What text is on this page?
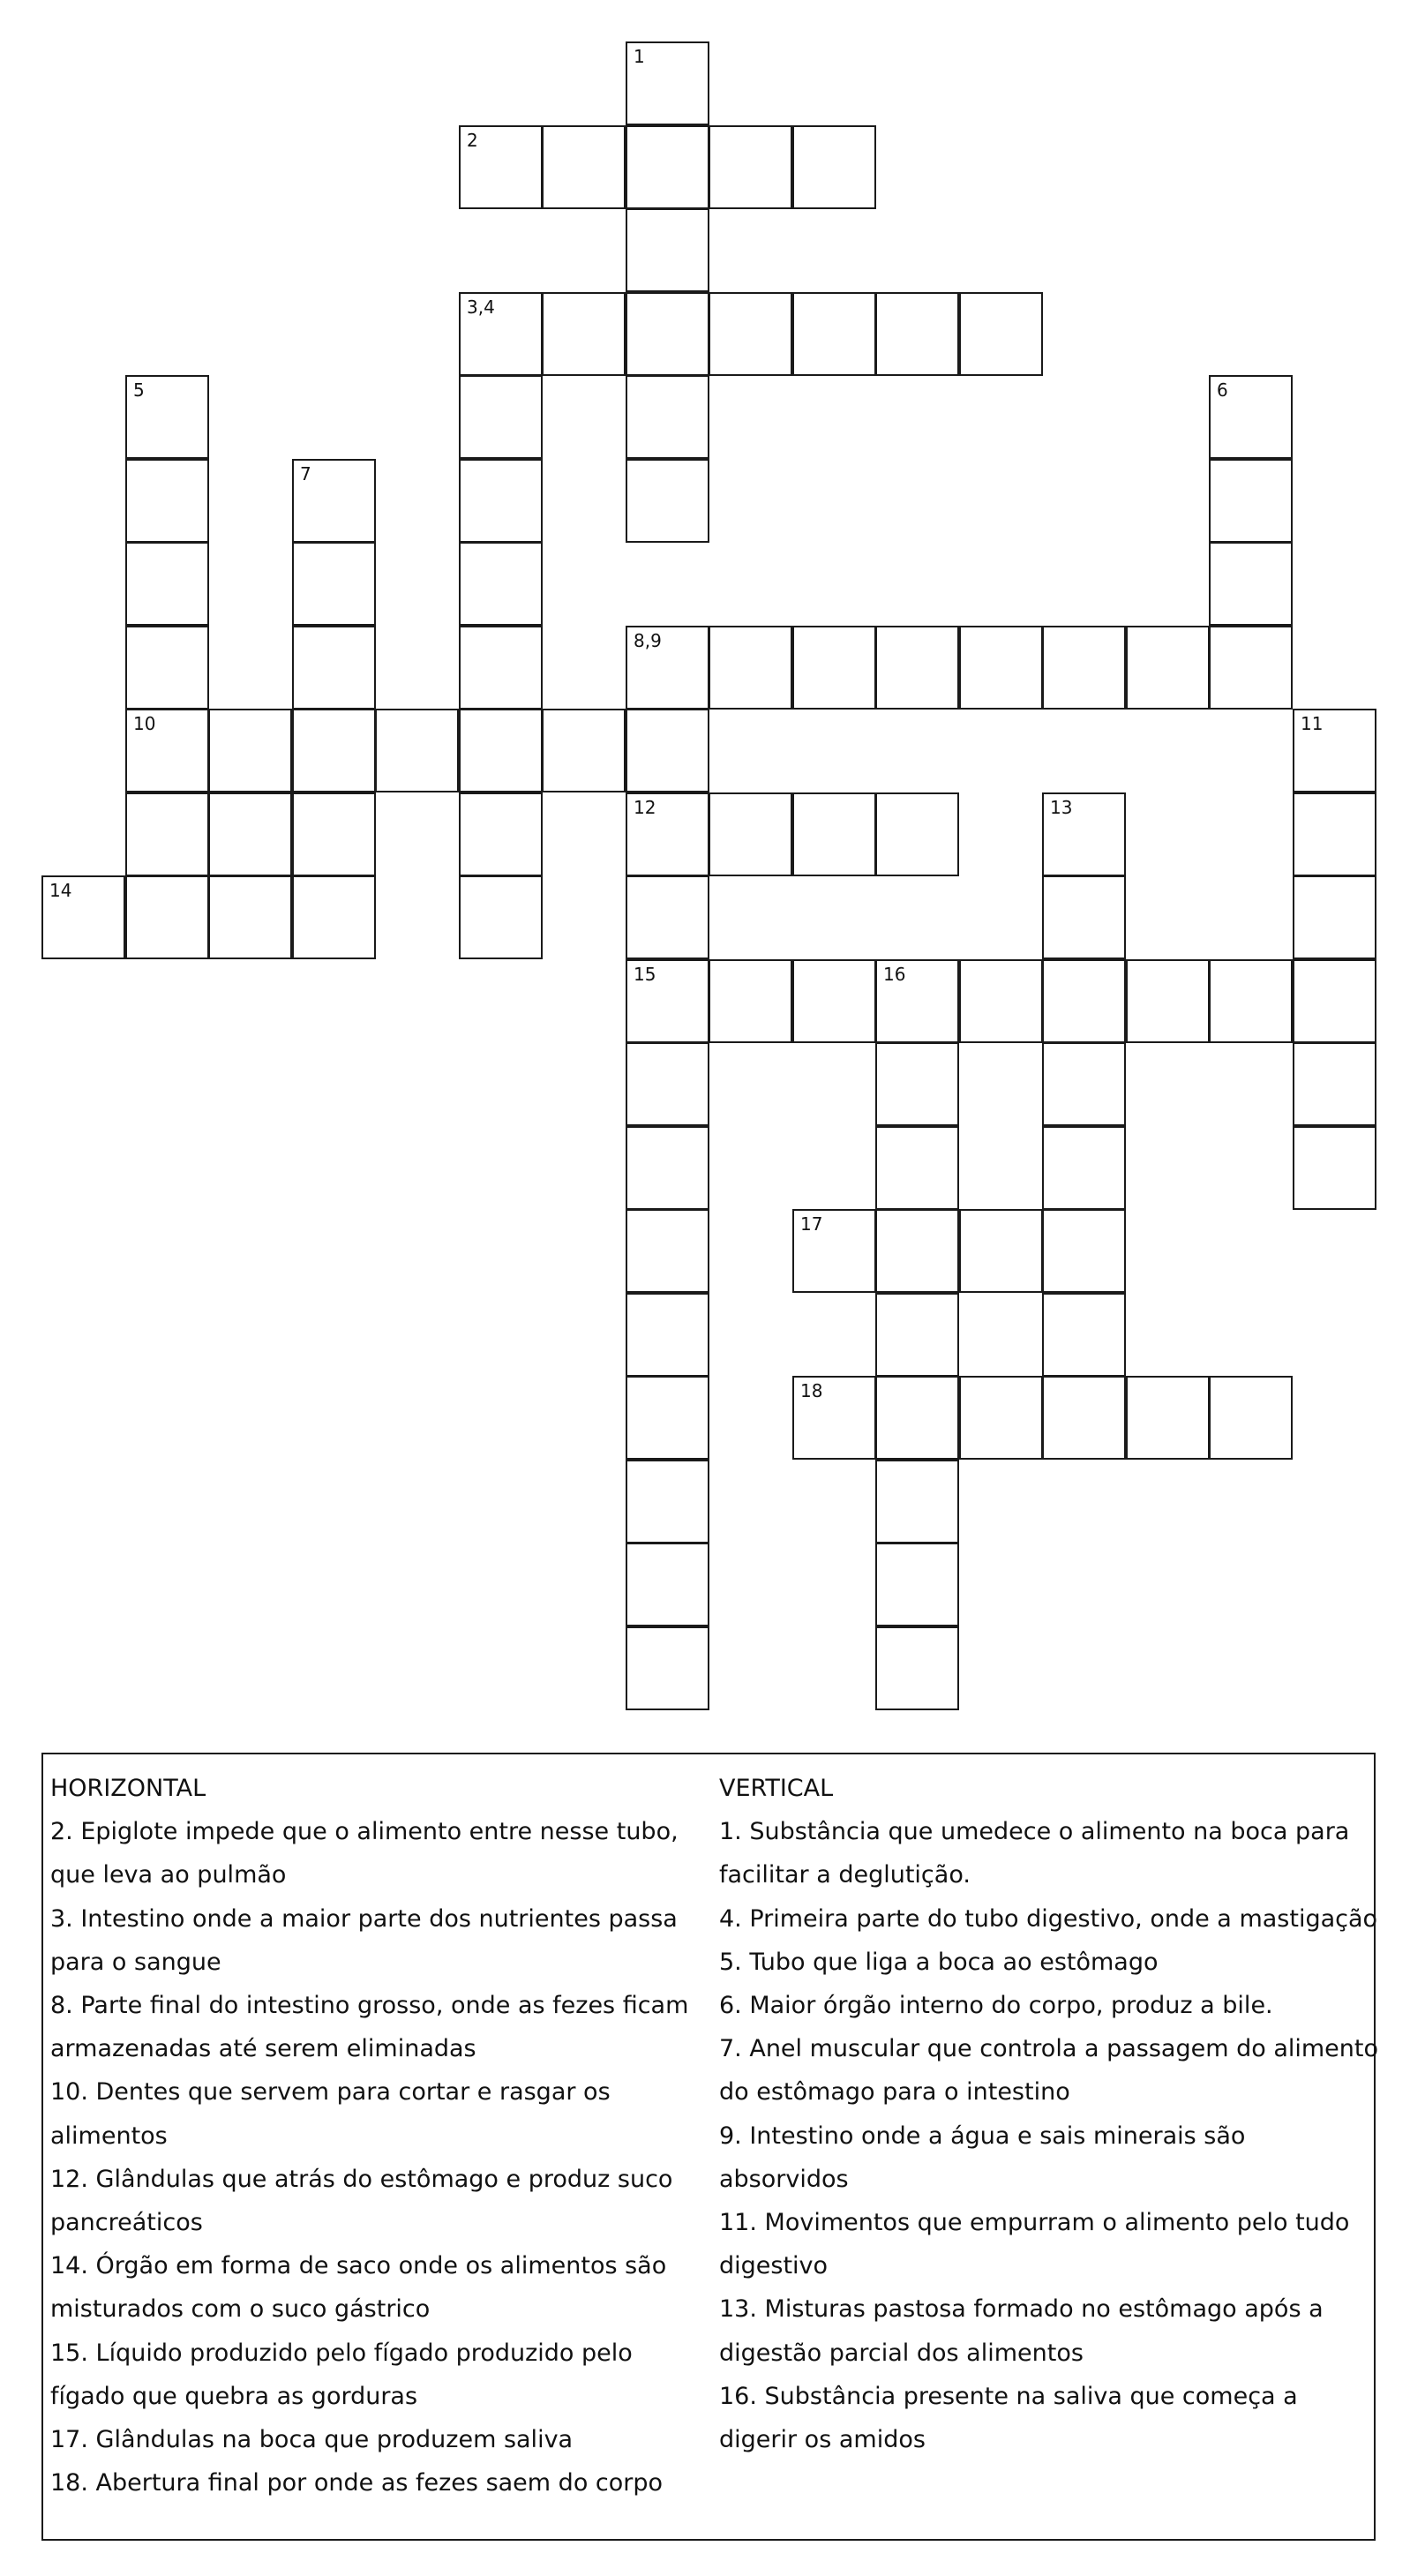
1
2
3,4
5	6
7
8,9
10	11
12	13
14
15	16
17
18
HORIZONTAL
2. Epiglote impede que o alimento entre nesse tubo,
que leva ao pulmão
3. Intestino onde a maior parte dos nutrientes passa
para o sangue
8. Parte final do intestino grosso, onde as fezes ficam
armazenadas até serem eliminadas
10. Dentes que servem para cortar e rasgar os
alimentos
12. Glândulas que atrás do estômago e produz suco
pancreáticos
14. Órgão em forma de saco onde os alimentos são
misturados com o suco gástrico
15. Líquido produzido pelo fígado produzido pelo
fígado que quebra as gorduras
17. Glândulas na boca que produzem saliva
18. Abertura final por onde as fezes saem do corpo
VERTICAL
1. Substância que umedece o alimento na boca para
facilitar a deglutição.
4. Primeira parte do tubo digestivo, onde a mastigação
5. Tubo que liga a boca ao estômago
6. Maior órgão interno do corpo, produz a bile.
7. Anel muscular que controla a passagem do alimento
do estômago para o intestino
9. Intestino onde a água e sais minerais são
absorvidos
11. Movimentos que empurram o alimento pelo tudo
digestivo
13. Misturas pastosa formado no estômago após a
digestão parcial dos alimentos
16. Substância presente na saliva que começa a
digerir os amidos
